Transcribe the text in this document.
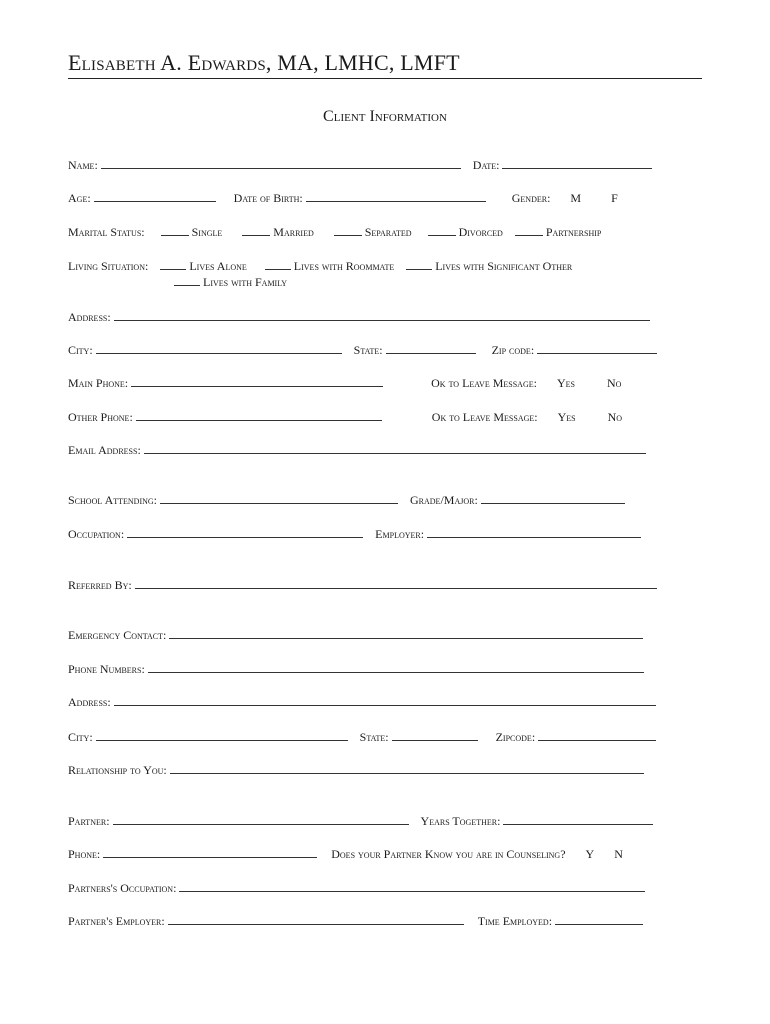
Elisabeth A. Edwards, MA, LMHC, LMFT
Client Information
Name:	Date:
Age:	Date of Birth:	Gender: M	F
Marital Status:	Single	Married	Separated	Divorced	Partnership
Living Situation:	Lives Alone	Lives with Roommate	Lives with Significant Other
Lives with Family
Address:
City:	State:	Zip code:
Main Phone:	Ok to Leave Message: Yes	No
Other Phone:	Ok to Leave Message: Yes	No
Email Address:
School Attending:	Grade/Major:
Occupation:	Employer:
Referred By:
Emergency Contact:
Phone Numbers:
Address:
City:	State:	Zipcode:
Relationship to You:
Partner:	Years Together:
Phone:	Does your Partner Know you are in Counseling? Y N
Partners's Occupation:
Partner's Employer:	Time Employed:
